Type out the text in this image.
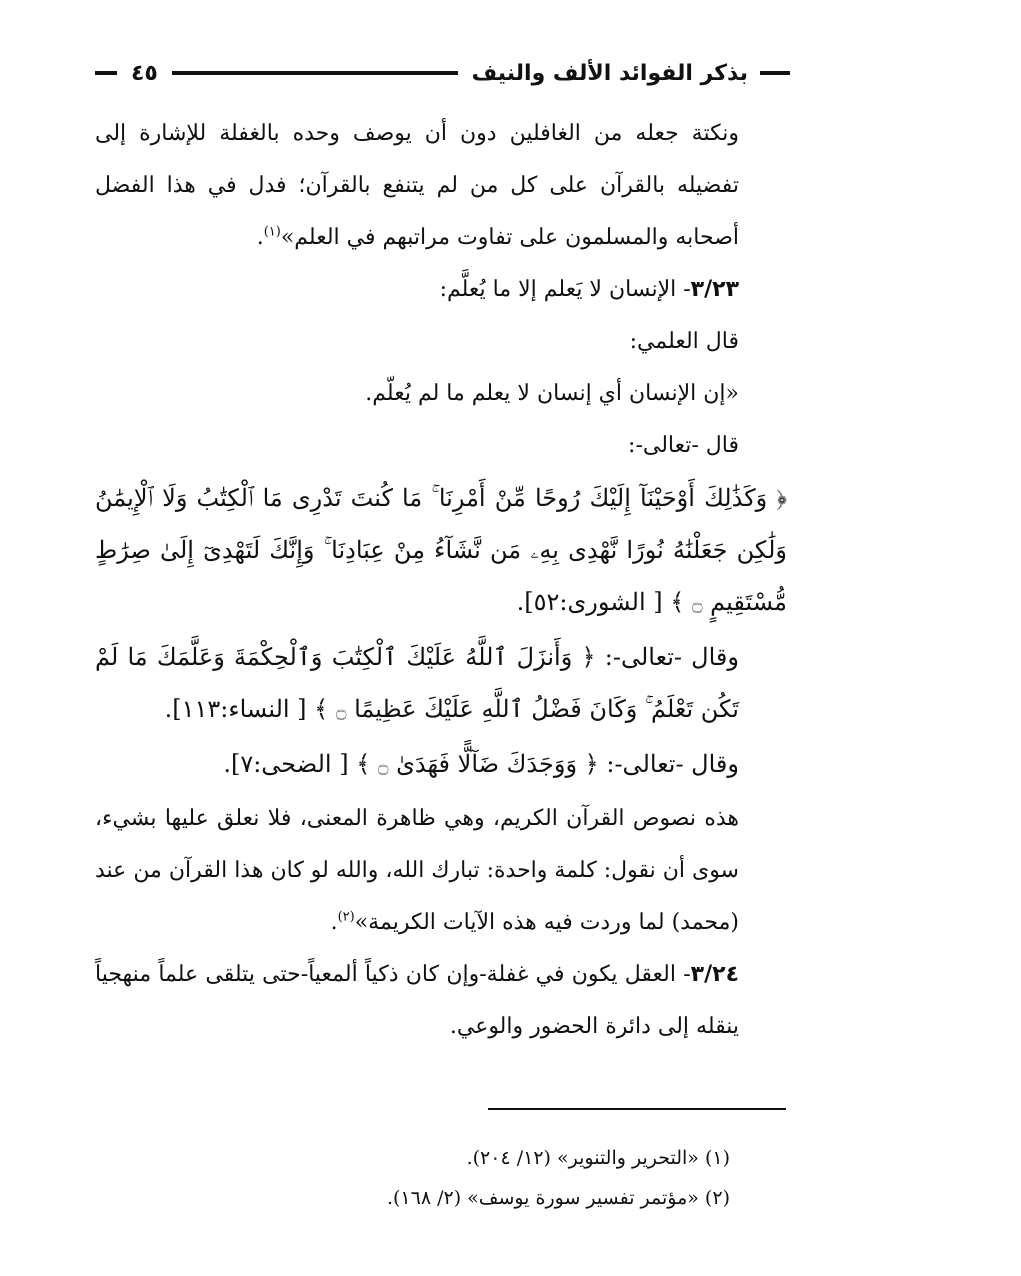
بذكر الفوائد الألف والنيف
٤٥

ونكتة جعله من الغافلين دون أن يوصف وحده بالغفلة للإشارة إلى تفضيله بالقرآن على كل من لم يتنفع بالقرآن؛ فدل في هذا الفضل أصحابه والمسلمون على تفاوت مراتبهم في العلم»$^{(١)}$.

٣/٢٣- الإنسان لا يَعلم إلا ما يُعلَّم:

قال العلمي:

«إن الإنسان أي إنسان لا يعلم ما لم يُعلّم.

قال -تعالى-:

﴿ وَكَذَٰلِكَ أَوْحَيْنَآ إِلَيْكَ رُوحًا مِّنْ أَمْرِنَا ۚ مَا كُنتَ تَدْرِى مَا ٱلْكِتَٰبُ وَلَا ٱلْإِيمَٰنُ وَلَٰكِن جَعَلْنَٰهُ نُورًا نَّهْدِى بِهِۦ مَن نَّشَآءُ مِنْ عِبَادِنَا ۚ وَإِنَّكَ لَتَهْدِىٓ إِلَىٰ صِرَٰطٍ مُّسْتَقِيمٍ ۝ ﴾ [ الشورى:٥٢].

وقال -تعالى-: ﴿ وَأَنزَلَ ٱللَّهُ عَلَيْكَ ٱلْكِتَٰبَ وَٱلْحِكْمَةَ وَعَلَّمَكَ مَا لَمْ تَكُن تَعْلَمُ ۚ وَكَانَ فَضْلُ ٱللَّهِ عَلَيْكَ عَظِيمًا ۝ ﴾ [ النساء:١١٣].

وقال -تعالى-: ﴿ وَوَجَدَكَ ضَآلًّا فَهَدَىٰ ۝ ﴾ [ الضحى:٧].

هذه نصوص القرآن الكريم، وهي ظاهرة المعنى، فلا نعلق عليها بشيء، سوى أن نقول: كلمة واحدة: تبارك الله، والله لو كان هذا القرآن من عند (محمد) لما وردت فيه هذه الآيات الكريمة»$^{(٢)}$.

٣/٢٤- العقل يكون في غفلة-وإن كان ذكياً ألمعياً-حتى يتلقى علماً منهجياً ينقله إلى دائرة الحضور والوعي.

(١) «التحرير والتنوير» (١٢/ ٢٠٤).

(٢) «مؤتمر تفسير سورة يوسف» (٢/ ١٦٨).
